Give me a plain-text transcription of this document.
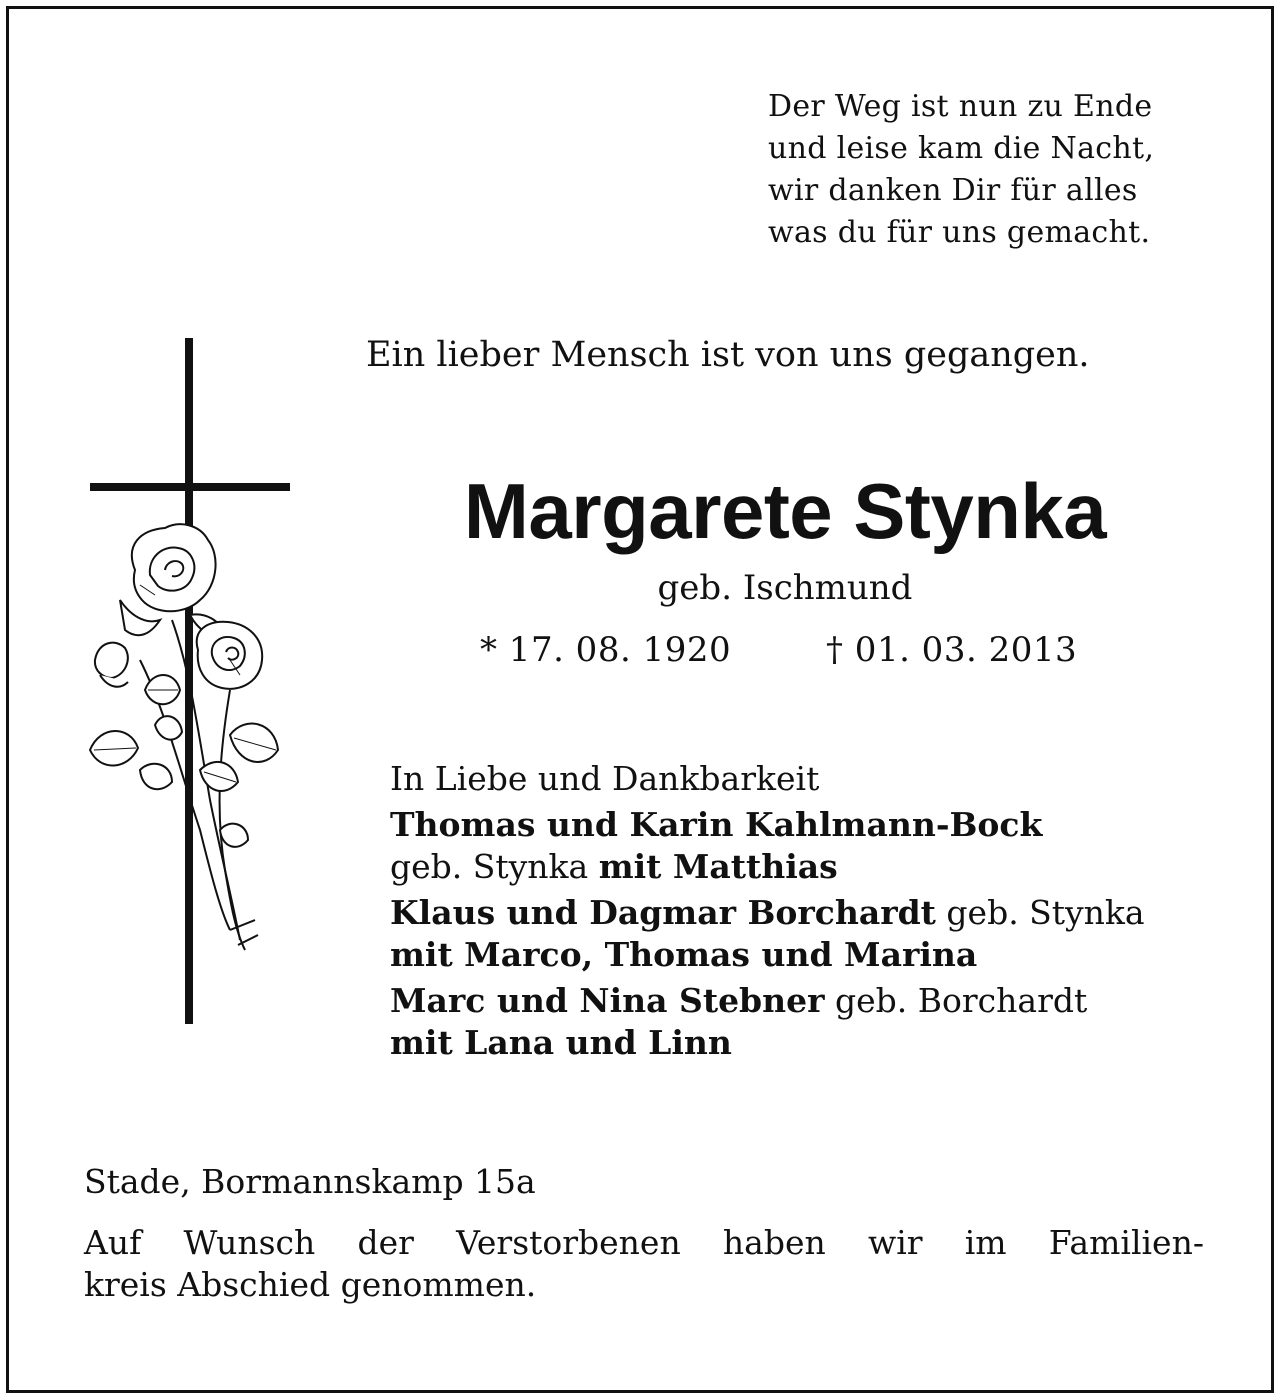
Der Weg ist nun zu Ende
und leise kam die Nacht,
wir danken Dir für alles
was du für uns gemacht.
Ein lieber Mensch ist von uns gegangen.
Margarete Stynka
geb. Ischmund
* 17. 08. 1920	† 01. 03. 2013
In Liebe und Dankbarkeit
Thomas und Karin Kahlmann-Bock
geb. Stynka mit Matthias
Klaus und Dagmar Borchardt geb. Stynka
mit Marco, Thomas und Marina
Marc und Nina Stebner geb. Borchardt
mit Lana und Linn
Stade, Bormannskamp 15a
Auf Wunsch der Verstorbenen haben wir im Familien-
kreis Abschied genommen.
